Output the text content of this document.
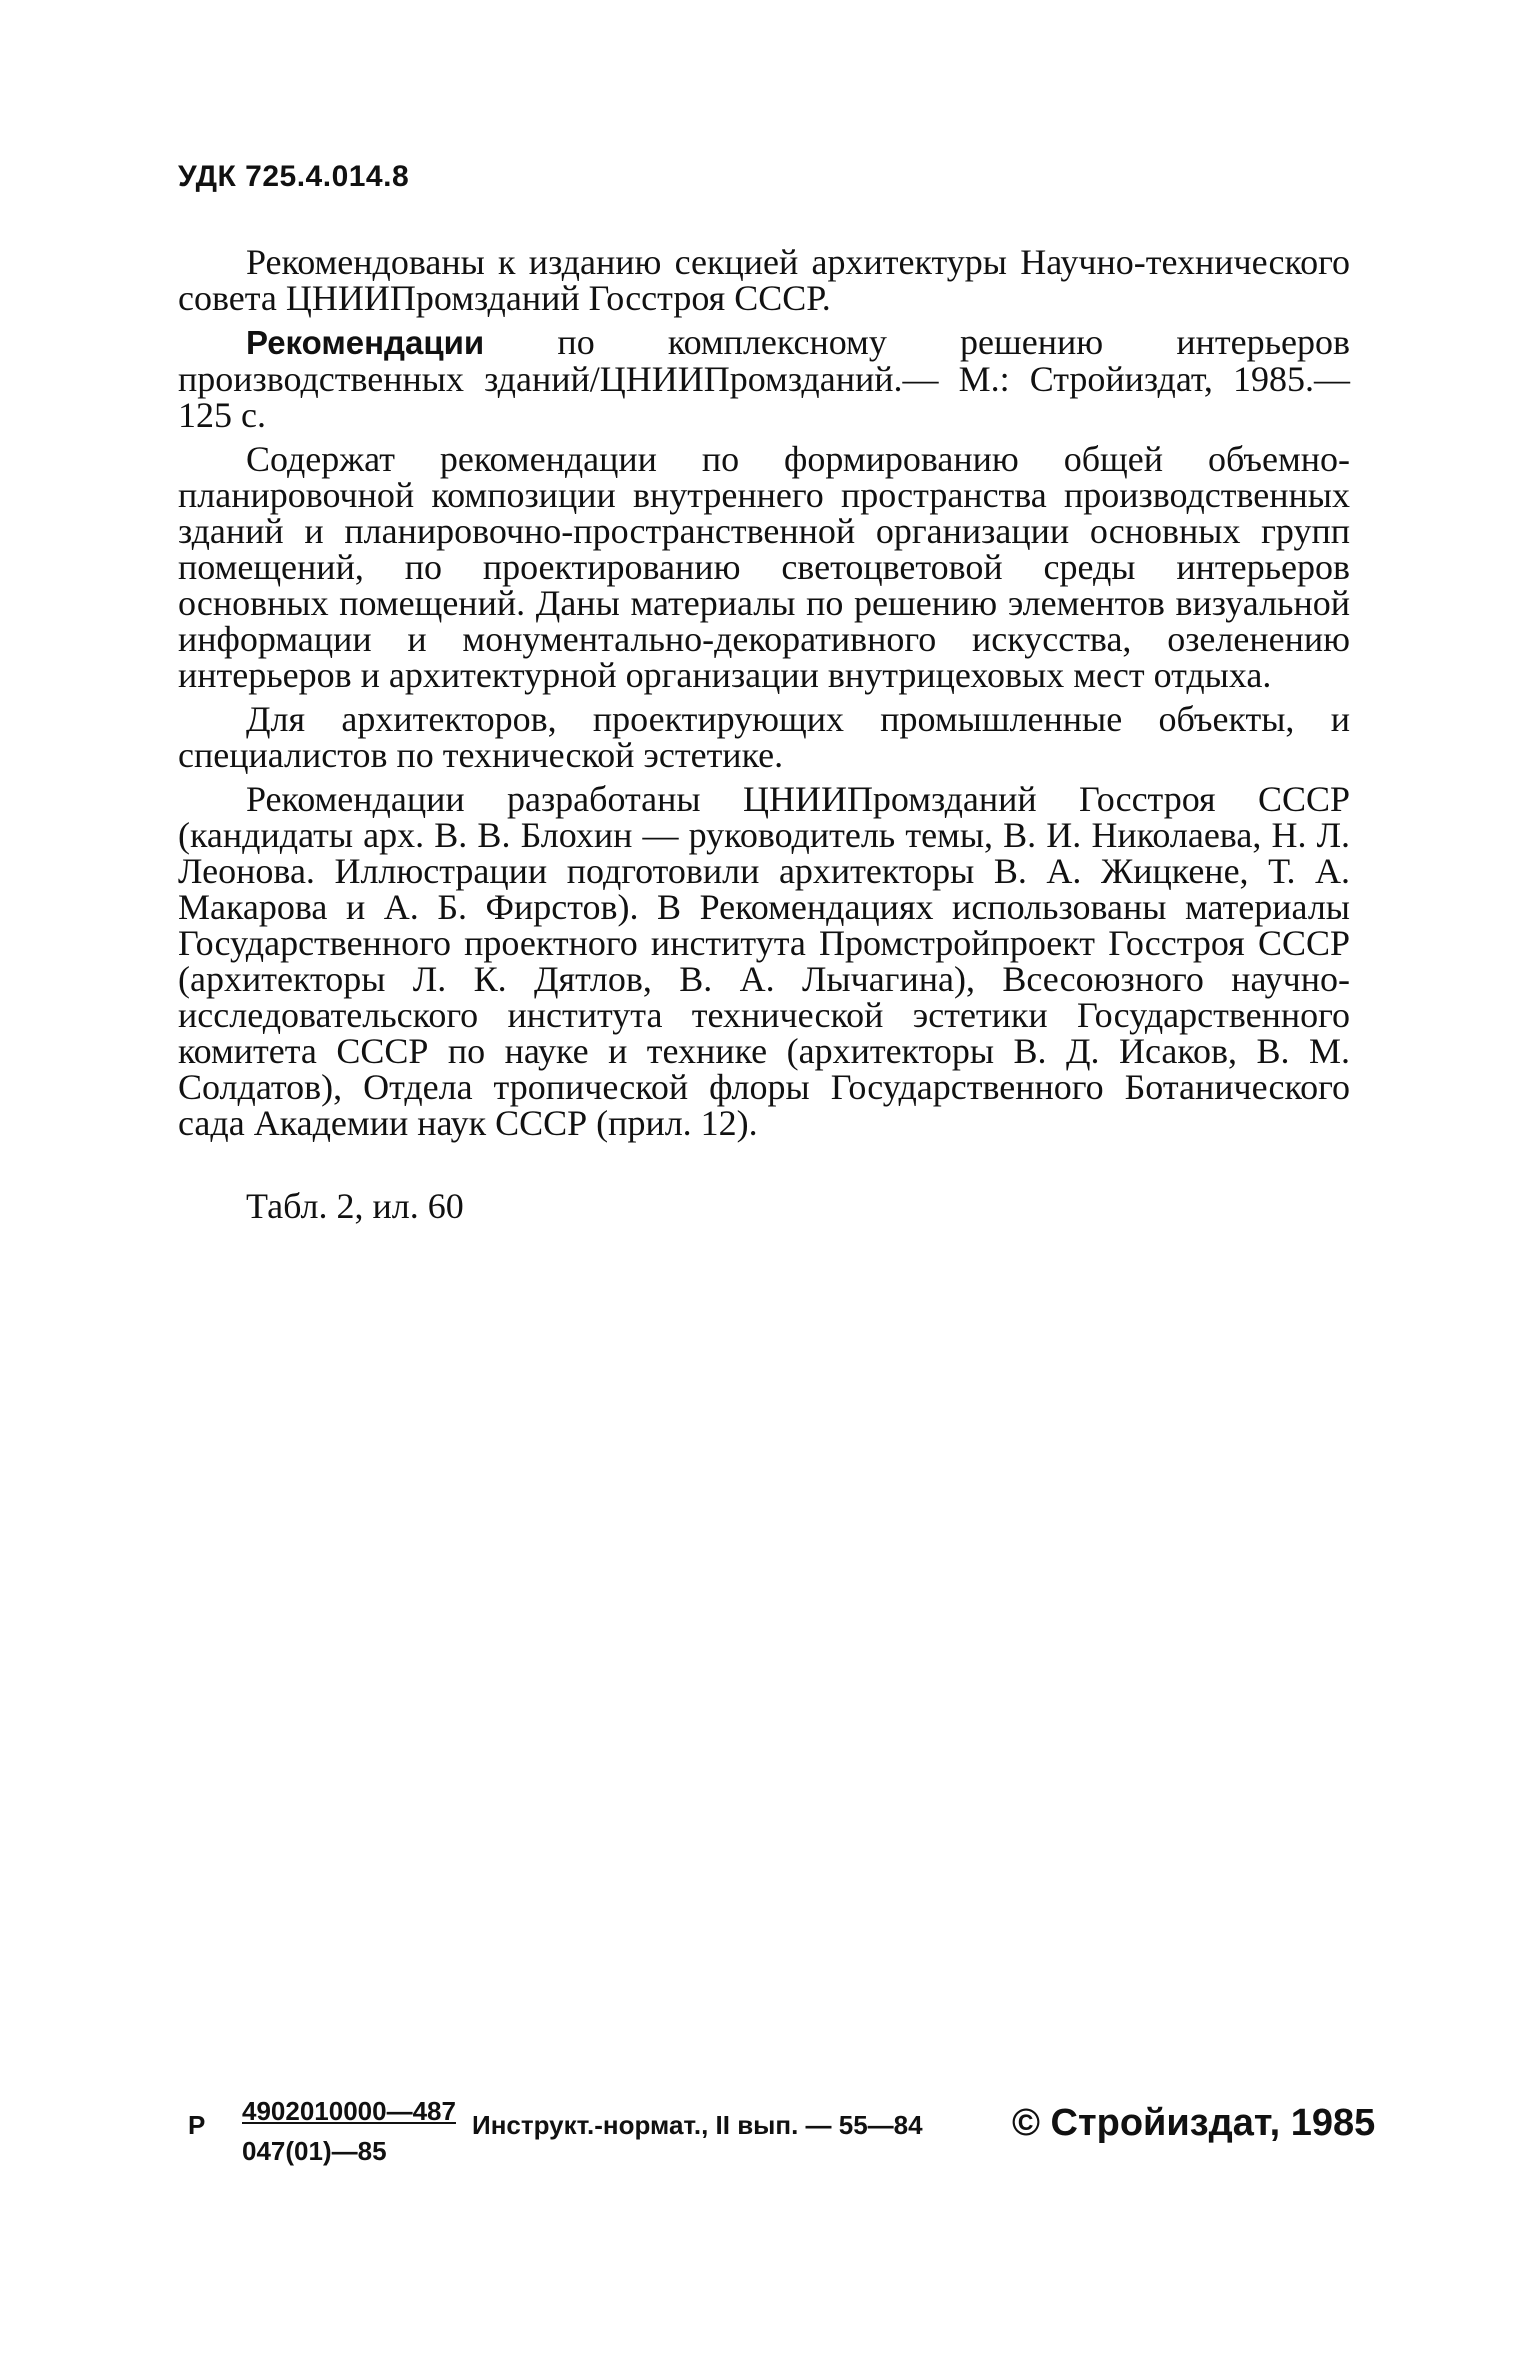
УДК 725.4.014.8

Рекомендованы к изданию секцией архитектуры Научно-технического совета ЦНИИПромзданий Госстроя СССР.

Рекомендации по комплексному решению интерьеров производственных зданий/ЦНИИПромзданий.— М.: Стройиздат, 1985.—125 с.

Содержат рекомендации по формированию общей объемно-планировочной композиции внутреннего пространства производственных зданий и планировочно-пространственной организации основных групп помещений, по проектированию светоцветовой среды интерьеров основных помещений. Даны материалы по решению элементов визуальной информации и монументально-декоративного искусства, озеленению интерьеров и архитектурной организации внутрицеховых мест отдыха.

Для архитекторов, проектирующих промышленные объекты, и специалистов по технической эстетике.

Рекомендации разработаны ЦНИИПромзданий Госстроя СССР (кандидаты арх. В. В. Блохин — руководитель темы, В. И. Николаева, Н. Л. Леонова. Иллюстрации подготовили архитекторы В. А. Жицкене, Т. А. Макарова и А. Б. Фирстов). В Рекомендациях использованы материалы Государственного проектного института Промстройпроект Госстроя СССР (архитекторы Л. К. Дятлов, В. А. Лычагина), Всесоюзного научно-исследовательского института технической эстетики Государственного комитета СССР по науке и технике (архитекторы В. Д. Исаков, В. М. Солдатов), Отдела тропической флоры Государственного Ботанического сада Академии наук СССР (прил. 12).

Табл. 2, ил. 60
Р 4902010000—487
047(01)—85
Инструкт.-нормат., II вып. — 55—84 © Стройиздат, 1985
